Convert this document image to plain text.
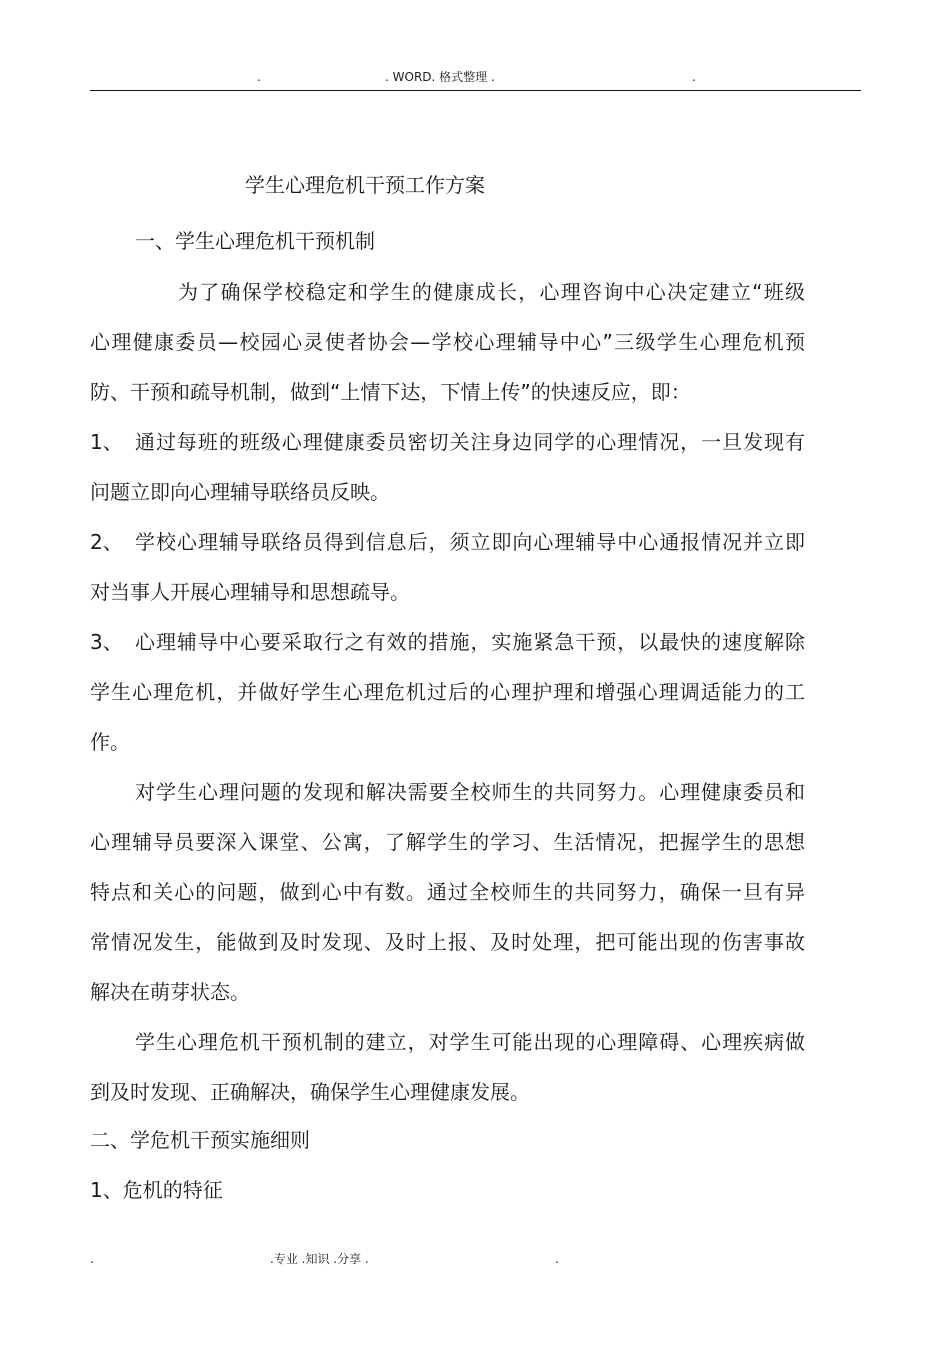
.	. WORD. 格式整理 .	.
学生心理危机干预工作方案
一、学生心理危机干预机制
为了确保学校稳定和学生的健康成长，心理咨询中心决定建立“班级
心理健康委员—校园心灵使者协会—学校心理辅导中心”三级学生心理危机预
防、干预和疏导机制，做到“上情下达，下情上传”的快速反应，即：
1、 通过每班的班级心理健康委员密切关注身边同学的心理情况，一旦发现有
问题立即向心理辅导联络员反映。
2、 学校心理辅导联络员得到信息后，须立即向心理辅导中心通报情况并立即
对当事人开展心理辅导和思想疏导。
3、 心理辅导中心要采取行之有效的措施，实施紧急干预，以最快的速度解除
学生心理危机，并做好学生心理危机过后的心理护理和增强心理调适能力的工
作。
对学生心理问题的发现和解决需要全校师生的共同努力。心理健康委员和
心理辅导员要深入课堂、公寓，了解学生的学习、生活情况，把握学生的思想
特点和关心的问题，做到心中有数。通过全校师生的共同努力，确保一旦有异
常情况发生，能做到及时发现、及时上报、及时处理，把可能出现的伤害事故
解决在萌芽状态。
学生心理危机干预机制的建立，对学生可能出现的心理障碍、心理疾病做
到及时发现、正确解决，确保学生心理健康发展。
二、学危机干预实施细则
1、危机的特征
.	.专业 .知识 .分享 .	.
